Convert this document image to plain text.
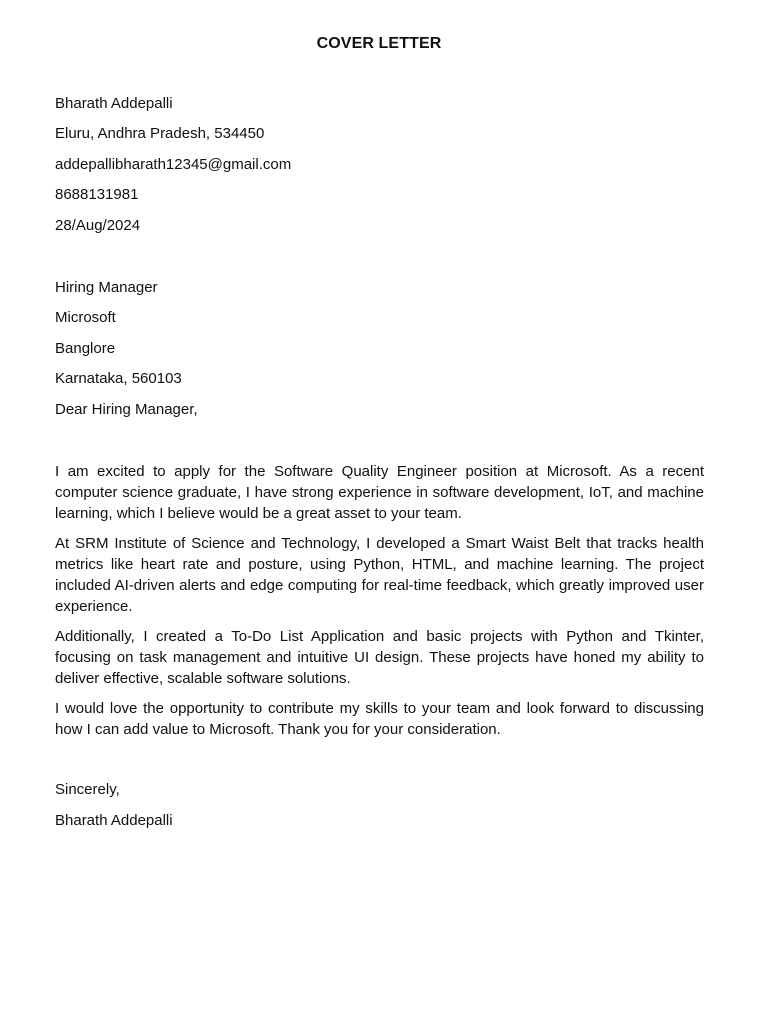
COVER LETTER
Bharath Addepalli
Eluru, Andhra Pradesh, 534450
addepallibharath12345@gmail.com
8688131981
28/Aug/2024
Hiring Manager
Microsoft
Banglore
Karnataka, 560103
Dear Hiring Manager,

I am excited to apply for the Software Quality Engineer position at Microsoft. As a recent computer science graduate, I have strong experience in software development, IoT, and machine learning, which I believe would be a great asset to your team.

At SRM Institute of Science and Technology, I developed a Smart Waist Belt that tracks health metrics like heart rate and posture, using Python, HTML, and machine learning. The project included AI-driven alerts and edge computing for real-time feedback, which greatly improved user experience.

Additionally, I created a To-Do List Application and basic projects with Python and Tkinter, focusing on task management and intuitive UI design. These projects have honed my ability to deliver effective, scalable software solutions.

I would love the opportunity to contribute my skills to your team and look forward to discussing how I can add value to Microsoft. Thank you for your consideration.

Sincerely,
Bharath Addepalli
